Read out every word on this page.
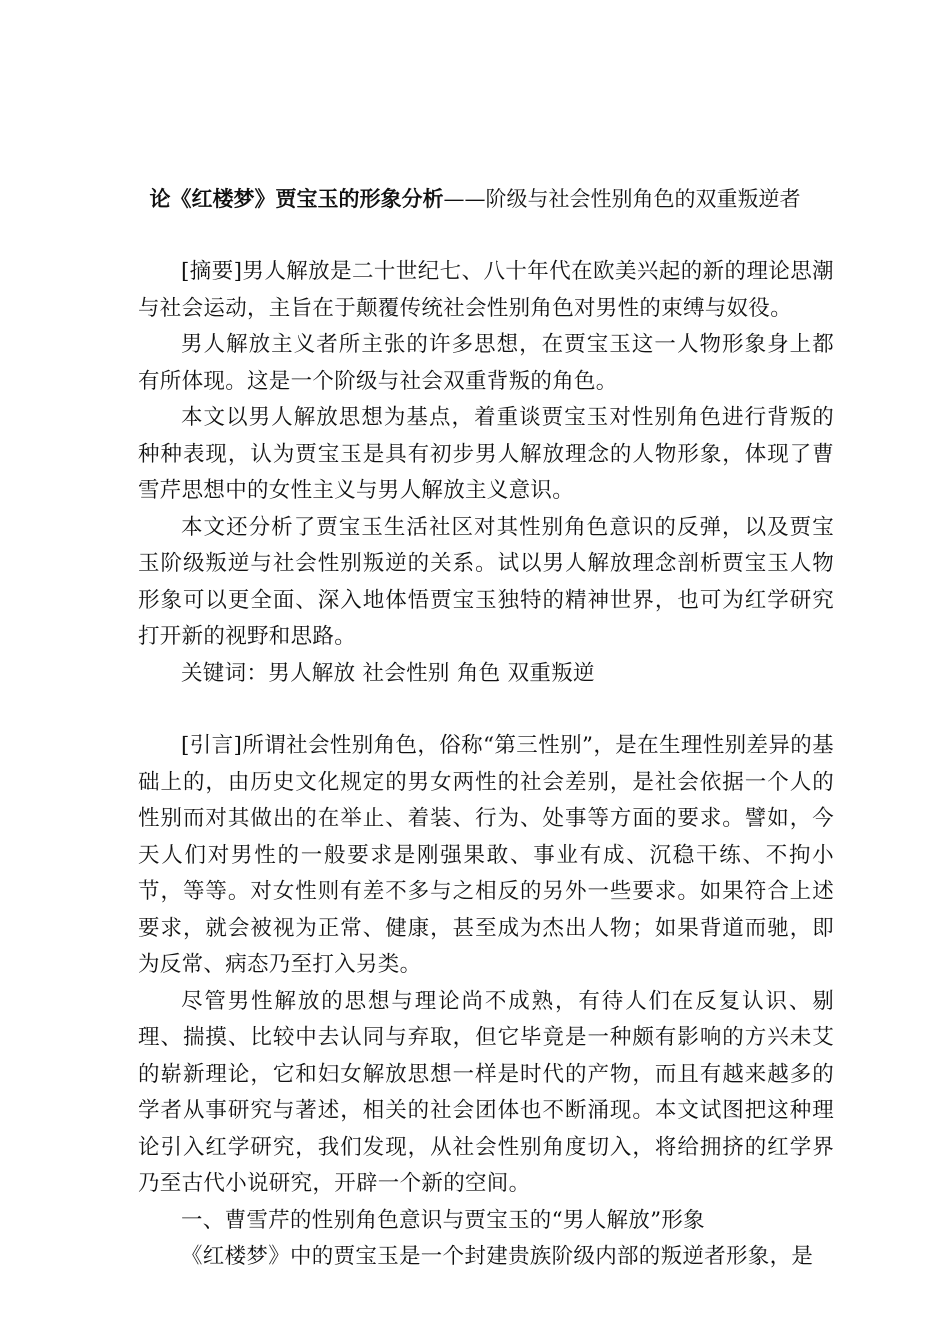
论《红楼梦》贾宝玉的形象分析——阶级与社会性别角色的双重叛逆者

[摘要]男人解放是二十世纪七、八十年代在欧美兴起的新的理论思潮与社会运动，主旨在于颠覆传统社会性别角色对男性的束缚与奴役。

男人解放主义者所主张的许多思想，在贾宝玉这一人物形象身上都有所体现。这是一个阶级与社会双重背叛的角色。

本文以男人解放思想为基点，着重谈贾宝玉对性别角色进行背叛的种种表现，认为贾宝玉是具有初步男人解放理念的人物形象，体现了曹雪芹思想中的女性主义与男人解放主义意识。

本文还分析了贾宝玉生活社区对其性别角色意识的反弹，以及贾宝玉阶级叛逆与社会性别叛逆的关系。试以男人解放理念剖析贾宝玉人物形象可以更全面、深入地体悟贾宝玉独特的精神世界，也可为红学研究打开新的视野和思路。

关键词：男人解放 社会性别 角色 双重叛逆

[引言]所谓社会性别角色，俗称“第三性别”，是在生理性别差异的基础上的，由历史文化规定的男女两性的社会差别，是社会依据一个人的性别而对其做出的在举止、着装、行为、处事等方面的要求。譬如，今天人们对男性的一般要求是刚强果敢、事业有成、沉稳干练、不拘小节，等等。对女性则有差不多与之相反的另外一些要求。如果符合上述要求，就会被视为正常、健康，甚至成为杰出人物；如果背道而驰，即为反常、病态乃至打入另类。

尽管男性解放的思想与理论尚不成熟，有待人们在反复认识、剔理、揣摸、比较中去认同与弃取，但它毕竟是一种颇有影响的方兴未艾的崭新理论，它和妇女解放思想一样是时代的产物，而且有越来越多的学者从事研究与著述，相关的社会团体也不断涌现。本文试图把这种理论引入红学研究，我们发现，从社会性别角度切入，将给拥挤的红学界乃至古代小说研究，开辟一个新的空间。

一、曹雪芹的性别角色意识与贾宝玉的“男人解放”形象

《红楼梦》中的贾宝玉是一个封建贵族阶级内部的叛逆者形象，是
